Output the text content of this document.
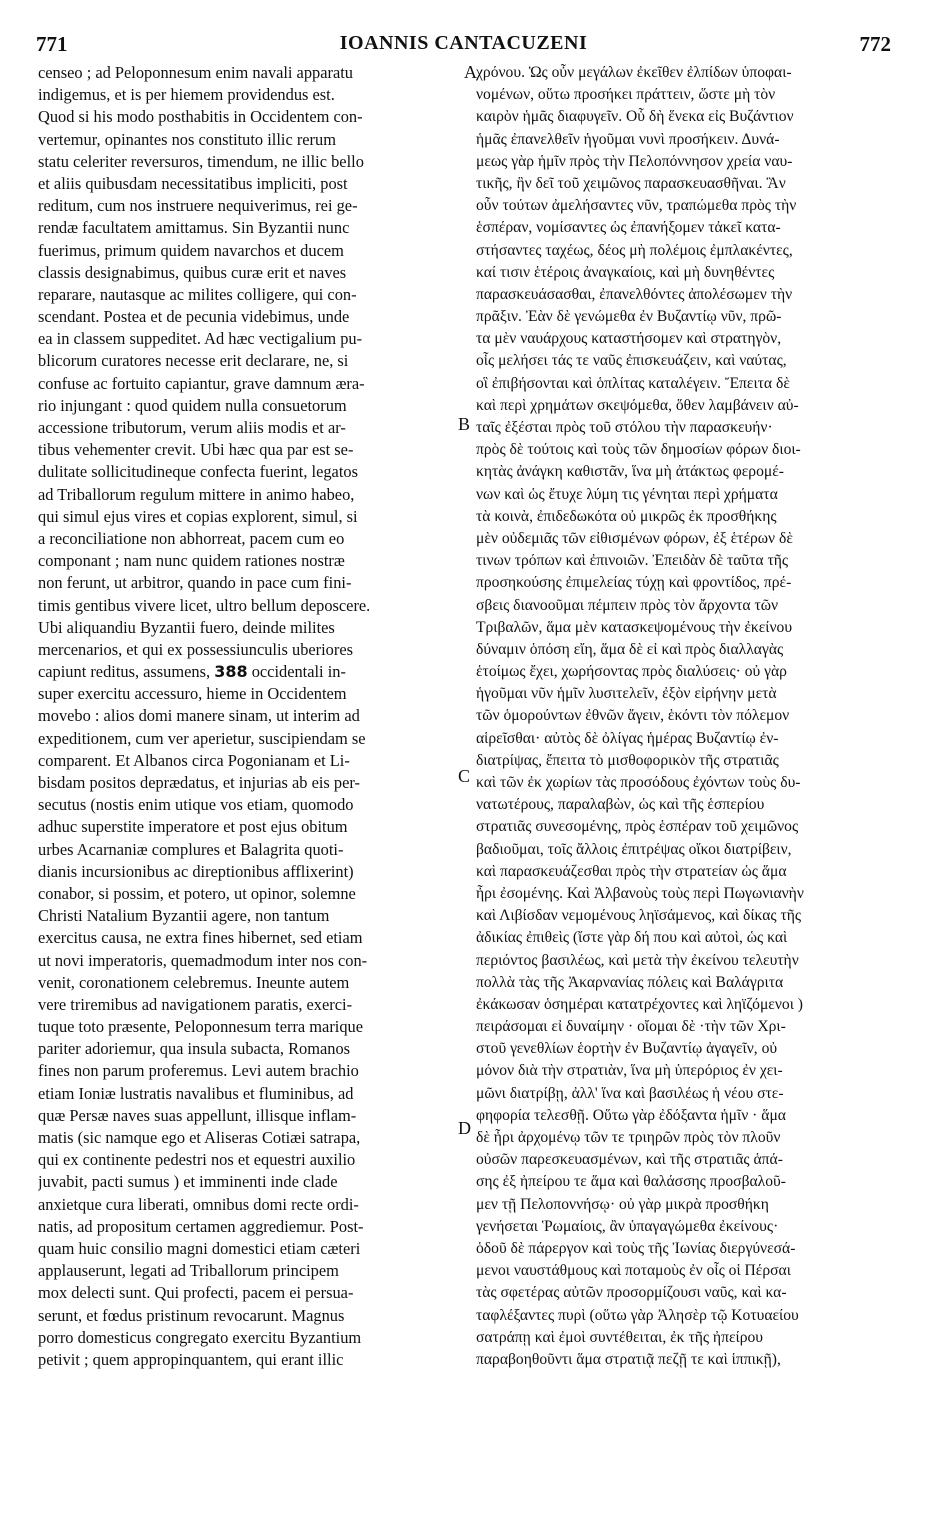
771	IOANNIS CANTACUZENI	772
censeo ; ad Peloponnesum enim navali apparatu
indigemus, et is per hiemem providendus est.
Quod si his modo posthabitis in Occidentem con-
vertemur, opinantes nos constituto illic rerum
statu celeriter reversuros, timendum, ne illic bello
et aliis quibusdam necessitatibus impliciti, post
reditum, cum nos instruere nequiverimus, rei ge-
rendæ facultatem amittamus. Sin Byzantii nunc
fuerimus, primum quidem navarchos et ducem
classis designabimus, quibus curæ erit et naves
reparare, nautasque ac milites colligere, qui con-
scendant. Postea et de pecunia videbimus, unde
ea in classem suppeditet. Ad hæc vectigalium pu-
blicorum curatores necesse erit declarare, ne, si
confuse ac fortuito capiantur, grave damnum æra-
rio injungant : quod quidem nulla consuetorum
accessione tributorum, verum aliis modis et ar-
tibus vehementer crevit. Ubi hæc qua par est se-
dulitate sollicitudineque confecta fuerint, legatos
ad Triballorum regulum mittere in animo habeo,
qui simul ejus vires et copias explorent, simul, si
a reconciliatione non abhorreat, pacem cum eo
componant ; nam nunc quidem rationes nostræ
non ferunt, ut arbitror, quando in pace cum fini-
timis gentibus vivere licet, ultro bellum deposcere.
Ubi aliquandiu Byzantii fuero, deinde milites
mercenarios, et qui ex possessiunculis uberiores
capiunt reditus, assumens, 388 occidentali in-
super exercitu accessuro, hieme in Occidentem
movebo : alios domi manere sinam, ut interim ad
expeditionem, cum ver aperietur, suscipiendam se
comparent. Et Albanos circa Pogonianam et Li-
bisdam positos deprædatus, et injurias ab eis per-
secutus (nostis enim utique vos etiam, quomodo
adhuc superstite imperatore et post ejus obitum
urbes Acarnaniæ complures et Balagrita quoti-
dianis incursionibus ac direptionibus afflixerint)
conabor, si possim, et potero, ut opinor, solemne
Christi Natalium Byzantii agere, non tantum
exercitus causa, ne extra fines hibernet, sed etiam
ut novi imperatoris, quemadmodum inter nos con-
venit, coronationem celebremus. Ineunte autem
vere triremibus ad navigationem paratis, exerci-
tuque toto præsente, Peloponnesum terra marique
pariter adoriemur, qua insula subacta, Romanos
fines non parum proferemus. Levi autem brachio
etiam Ioniæ lustratis navalibus et fluminibus, ad
quæ Persæ naves suas appellunt, illisque inflam-
matis (sic namque ego et Aliseras Cotiæi satrapa,
qui ex continente pedestri nos et equestri auxilio
juvabit, pacti sumus ) et imminenti inde clade
anxietque cura liberati, omnibus domi recte ordi-
natis, ad propositum certamen aggrediemur. Post-
quam huic consilio magni domestici etiam cæteri
applauserunt, legati ad Triballorum principem
mox delecti sunt. Qui profecti, pacem ei persua-
serunt, et fœdus pristinum revocarunt. Magnus
porro domesticus congregato exercitu Byzantium
petivit ; quem appropinquantem, qui erant illic
χρόνου. Ὡς οὖν μεγάλων ἐκεῖθεν ἐλπίδων ὑποφαι-
νομένων, οὕτω προσήκει πράττειν, ὥστε μὴ τὸν
καιρὸν ἡμᾶς διαφυγεῖν. Οὗ δὴ ἕνεκα εἰς Βυζάντιον
ἡμᾶς ἐπανελθεῖν ἡγοῦμαι νυνὶ προσήκειν. Δυνά-
μεως γὰρ ἡμῖν πρὸς τὴν Πελοπόννησον χρεία ναυ-
τικῆς, ἣν δεῖ τοῦ χειμῶνος παρασκευασθῆναι. Ἂν
οὖν τούτων ἀμελήσαντες νῦν, τραπώμεθα πρὸς τὴν
ἑσπέραν, νομίσαντες ὡς ἐπανήξομεν τἀκεῖ κατα-
στήσαντες ταχέως, δέος μὴ πολέμοις ἐμπλακέντες,
καί τισιν ἑτέροις ἀναγκαίοις, καὶ μὴ δυνηθέντες
παρασκευάσασθαι, ἐπανελθόντες ἀπολέσωμεν τὴν
πρᾶξιν. Ἐὰν δὲ γενώμεθα ἐν Βυζαντίῳ νῦν, πρῶ-
τα μὲν ναυάρχους καταστήσομεν καὶ στρατηγὸν,
οἷς μελήσει τάς τε ναῦς ἐπισκευάζειν, καὶ ναύτας,
οἳ ἐπιβήσονται καὶ ὁπλίτας καταλέγειν. Ἔπειτα δὲ
καὶ περὶ χρημάτων σκεψόμεθα, ὅθεν λαμβάνειν αὐ-
ταῖς ἐξέσται πρὸς τοῦ στόλου τὴν παρασκευήν·
πρὸς δὲ τούτοις καὶ τοὺς τῶν δημοσίων φόρων διοι-
κητὰς ἀνάγκη καθιστᾶν, ἵνα μὴ ἀτάκτως φερομέ-
νων καὶ ὡς ἔτυχε λύμη τις γένηται περὶ χρήματα
τὰ κοινὰ, ἐπιδεδωκότα οὐ μικρῶς ἐκ προσθήκης
μὲν οὐδεμιᾶς τῶν εἰθισμένων φόρων, ἐξ ἑτέρων δὲ
τινων τρόπων καὶ ἐπινοιῶν. Ἐπειδὰν δὲ ταῦτα τῆς
προσηκούσης ἐπιμελείας τύχῃ καὶ φροντίδος, πρέ-
σβεις διανοοῦμαι πέμπειν πρὸς τὸν ἄρχοντα τῶν
Τριβαλῶν, ἅμα μὲν κατασκεψομένους τὴν ἐκείνου
δύναμιν ὁπόση εἴη, ἅμα δὲ εἰ καὶ πρὸς διαλλαγὰς
ἑτοίμως ἔχει, χωρήσοντας πρὸς διαλύσεις· οὐ γὰρ
ἡγοῦμαι νῦν ἡμῖν λυσιτελεῖν, ἐξὸν εἰρήνην μετὰ
τῶν ὁμορούντων ἐθνῶν ἄγειν, ἑκόντι τὸν πόλεμον
αἱρεῖσθαι· αὐτὸς δὲ ὀλίγας ἡμέρας Βυζαντίῳ ἐν-
διατρίψας, ἔπειτα τὸ μισθοφορικὸν τῆς στρατιᾶς
καὶ τῶν ἐκ χωρίων τὰς προσόδους ἐχόντων τοὺς δυ-
νατωτέρους, παραλαβὼν, ὡς καὶ τῆς ἑσπερίου
στρατιᾶς συνεσομένης, πρὸς ἑσπέραν τοῦ χειμῶνος
βαδιοῦμαι, τοῖς ἄλλοις ἐπιτρέψας οἴκοι διατρίβειν,
καὶ παρασκευάζεσθαι πρὸς τὴν στρατείαν ὡς ἅμα
ἦρι ἐσομένης. Καὶ Ἀλβανοὺς τοὺς περὶ Πωγωνιανὴν
καὶ Λιβίσδαν νεμομένους ληϊσάμενος, καὶ δίκας τῆς
ἀδικίας ἐπιθεὶς (ἴστε γὰρ δή που καὶ αὐτοὶ, ὡς καὶ
περιόντος βασιλέως, καὶ μετὰ τὴν ἐκείνου τελευτὴν
πολλὰ τὰς τῆς Ἀκαρνανίας πόλεις καὶ Βαλάγριτα
ἐκάκωσαν ὁσημέραι κατατρέχοντες καὶ ληϊζόμενοι )
πειράσομαι εἰ δυναίμην · οἴομαι δὲ ·τὴν τῶν Χρι-
στοῦ γενεθλίων ἑορτὴν ἐν Βυζαντίῳ ἀγαγεῖν, οὐ
μόνον διὰ τὴν στρατιὰν, ἵνα μὴ ὑπερόριος ἐν χει-
μῶνι διατρίβῃ, ἀλλ' ἵνα καὶ βασιλέως ἡ νέου στε-
φηφορία τελεσθῇ. Οὕτω γὰρ ἐδόξαντα ἡμῖν · ἅμα
δὲ ἦρι ἀρχομένῳ τῶν τε τριηρῶν πρὸς τὸν πλοῦν
οὐσῶν παρεσκευασμένων, καὶ τῆς στρατιᾶς ἁπά-
σης ἐξ ἠπείρου τε ἅμα καὶ θαλάσσης προσβαλοῦ-
μεν τῇ Πελοποννήσῳ· οὐ γὰρ μικρὰ προσθήκη
γενήσεται Ῥωμαίοις, ἂν ὑπαγαγώμεθα ἐκείνους·
ὁδοῦ δὲ πάρεργον καὶ τοὺς τῆς Ἰωνίας διεργύνεσά-
μενοι ναυστάθμους καὶ ποταμοὺς ἐν οἷς οἱ Πέρσαι
τὰς σφετέρας αὐτῶν προσορμίζουσι ναῦς, καὶ κα-
ταφλέξαντες πυρὶ (οὕτω γὰρ Ἀλησὲρ τῷ Κοτυαείου
σατράπῃ καὶ ἐμοὶ συντέθειται, ἐκ τῆς ἠπείρου
παραβοηθοῦντι ἅμα στρατιᾷ πεζῇ τε καὶ ἱππικῇ),
A
B
C
D
